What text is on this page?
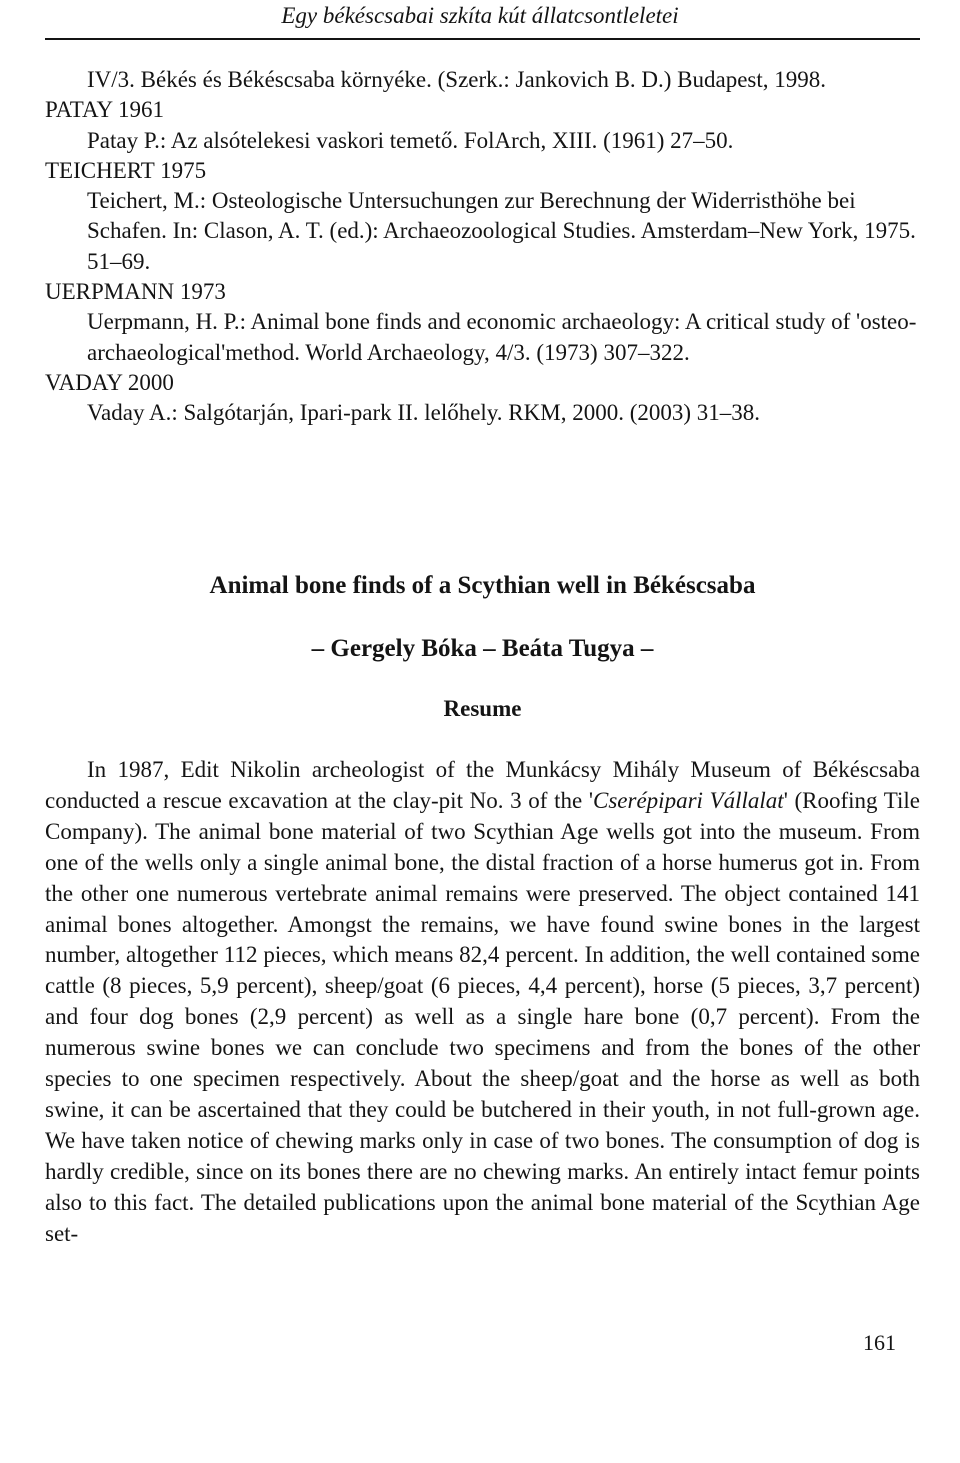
Egy békéscsabai szkíta kút állatcsontleletei
IV/3. Békés és Békéscsaba környéke. (Szerk.: Jankovich B. D.) Budapest, 1998.
PATAY 1961
Patay P.: Az alsótelekesi vaskori temető. FolArch, XIII. (1961) 27–50.
TEICHERT 1975
Teichert, M.: Osteologische Untersuchungen zur Berechnung der Widerristhöhe bei Schafen. In: Clason, A. T. (ed.): Archaeozoological Studies. Amsterdam–New York, 1975. 51–69.
UERPMANN 1973
Uerpmann, H. P.: Animal bone finds and economic archaeology: A critical study of 'osteo-archaeological'method. World Archaeology, 4/3. (1973) 307–322.
VADAY 2000
Vaday A.: Salgótarján, Ipari-park II. lelőhely. RKM, 2000. (2003) 31–38.
Animal bone finds of a Scythian well in Békéscsaba
– Gergely Bóka – Beáta Tugya –
Resume

In 1987, Edit Nikolin archeologist of the Munkácsy Mihály Museum of Békéscsaba conducted a rescue excavation at the clay-pit No. 3 of the 'Cserépipari Vállalat' (Roofing Tile Company). The animal bone material of two Scythian Age wells got into the museum. From one of the wells only a single animal bone, the distal fraction of a horse humerus got in. From the other one numerous vertebrate animal remains were preserved. The object contained 141 animal bones altogether. Amongst the remains, we have found swine bones in the largest number, altogether 112 pieces, which means 82,4 percent. In addition, the well contained some cattle (8 pieces, 5,9 percent), sheep/goat (6 pieces, 4,4 percent), horse (5 pieces, 3,7 percent) and four dog bones (2,9 percent) as well as a single hare bone (0,7 percent). From the numerous swine bones we can conclude two specimens and from the bones of the other species to one specimen respectively. About the sheep/goat and the horse as well as both swine, it can be ascertained that they could be butchered in their youth, in not full-grown age. We have taken notice of chewing marks only in case of two bones. The consumption of dog is hardly credible, since on its bones there are no chewing marks. An entirely intact femur points also to this fact. The detailed publications upon the animal bone material of the Scythian Age set-

161
